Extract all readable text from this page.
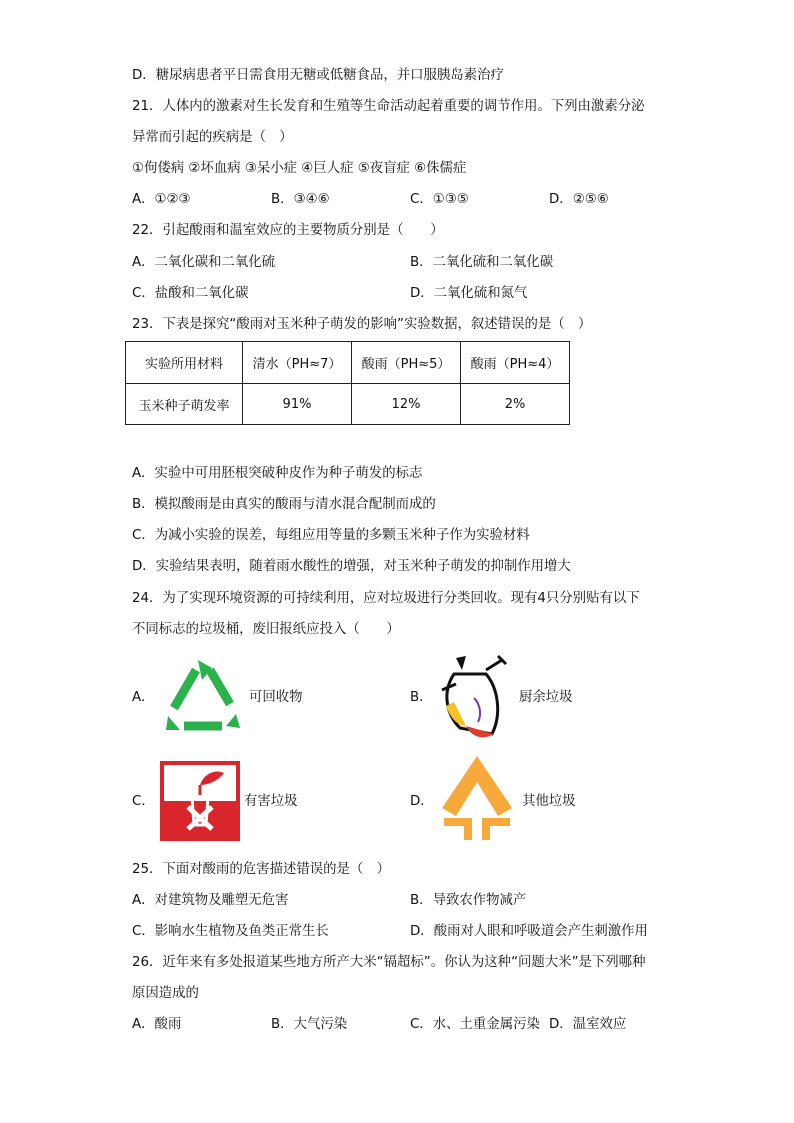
D．糖尿病患者平日需食用无糖或低糖食品，并口服胰岛素治疗
21．人体内的激素对生长发育和生殖等生命活动起着重要的调节作用。下列由激素分泌
异常而引起的疾病是（　）
①佝偻病 ②坏血病 ③呆小症 ④巨人症 ⑤夜盲症 ⑥侏儒症
A．①②③	B．③④⑥	C．①③⑤	D．②⑤⑥
22．引起酸雨和温室效应的主要物质分别是（　　）
A．二氧化碳和二氧化硫	B．二氧化硫和二氧化碳
C．盐酸和二氧化碳	D．二氧化硫和氮气
23．下表是探究“酸雨对玉米种子萌发的影响”实验数据，叙述错误的是（　）
实验所用材料	清水（PH≈7）	酸雨（PH≈5）	酸雨（PH≈4）
玉米种子萌发率	91%	12%	2%
A．实验中可用胚根突破种皮作为种子萌发的标志
B．模拟酸雨是由真实的酸雨与清水混合配制而成的
C．为减小实验的误差，每组应用等量的多颗玉米种子作为实验材料
D．实验结果表明，随着雨水酸性的增强，对玉米种子萌发的抑制作用增大
24．为了实现环境资源的可持续利用，应对垃圾进行分类回收。现有4只分别贴有以下
不同标志的垃圾桶，废旧报纸应投入（　　）
A．	可回收物	B．	厨余垃圾
C．	有害垃圾	D．	其他垃圾
25．下面对酸雨的危害描述错误的是（　）
A．对建筑物及雕塑无危害	B．导致农作物减产
C．影响水生植物及鱼类正常生长	D．酸雨对人眼和呼吸道会产生刺激作用
26．近年来有多处报道某些地方所产大米“镉超标”。你认为这种“问题大米”是下列哪种
原因造成的
A．酸雨	B．大气污染	C．水、土重金属污染 D．温室效应
